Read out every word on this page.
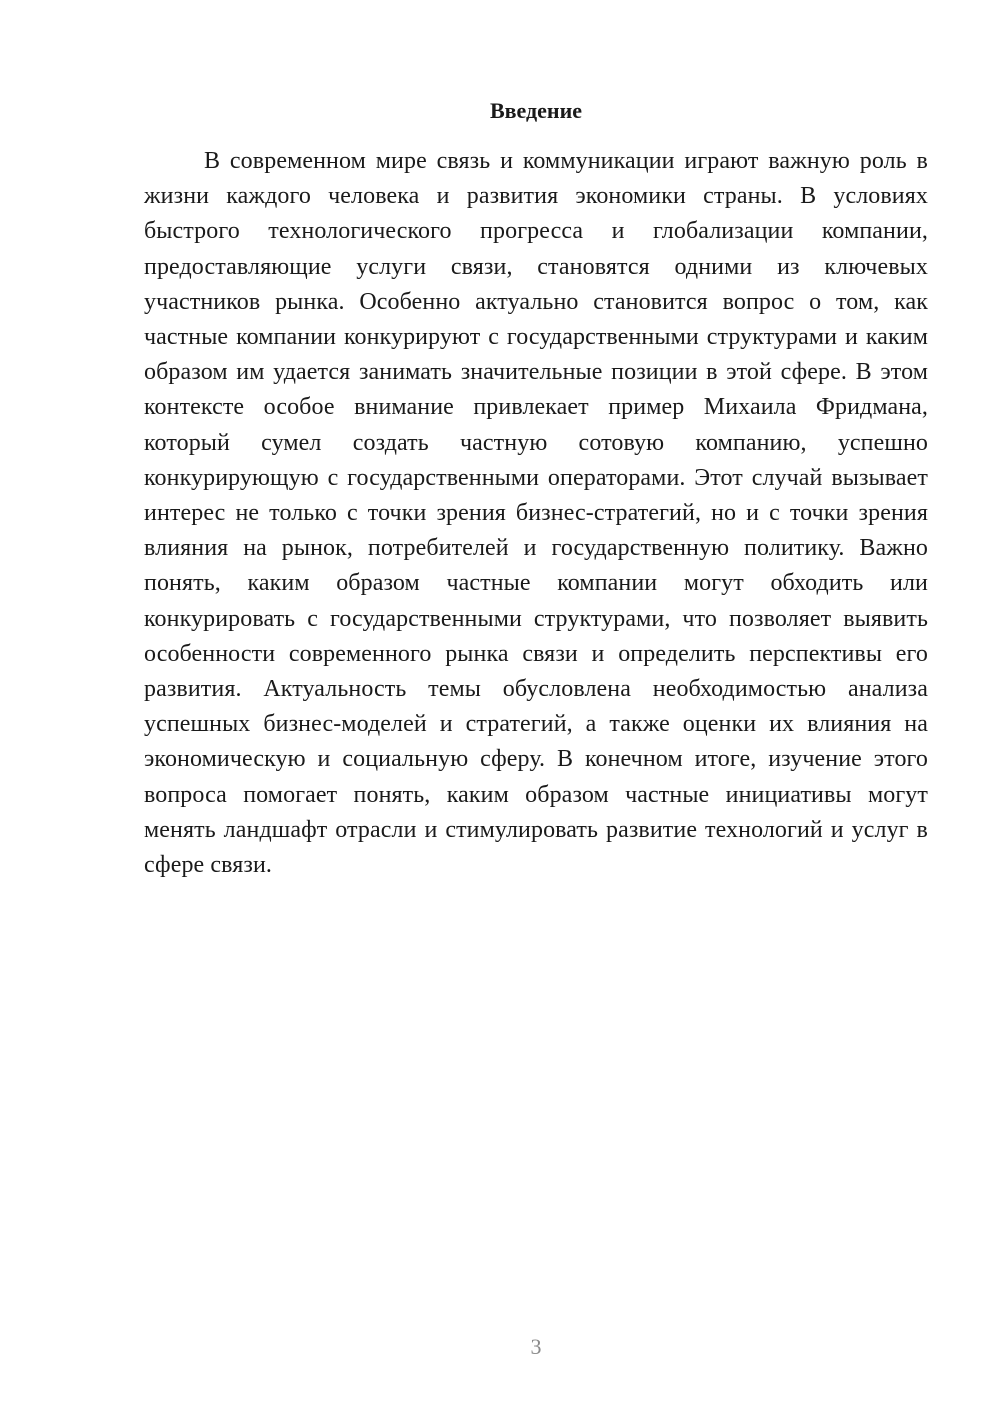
Введение

В современном мире связь и коммуникации играют важную роль в жизни каждого человека и развития экономики страны. В условиях быстрого технологического прогресса и глобализации компании, предоставляющие услуги связи, становятся одними из ключевых участников рынка. Особенно актуально становится вопрос о том, как частные компании конкурируют с государственными структурами и каким образом им удается занимать значительные позиции в этой сфере. В этом контексте особое внимание привлекает пример Михаила Фридмана, который сумел создать частную сотовую компанию, успешно конкурирующую с государственными операторами. Этот случай вызывает интерес не только с точки зрения бизнес-стратегий, но и с точки зрения влияния на рынок, потребителей и государственную политику. Важно понять, каким образом частные компании могут обходить или конкурировать с государственными структурами, что позволяет выявить особенности современного рынка связи и определить перспективы его развития. Актуальность темы обусловлена необходимостью анализа успешных бизнес-моделей и стратегий, а также оценки их влияния на экономическую и социальную сферу. В конечном итоге, изучение этого вопроса помогает понять, каким образом частные инициативы могут менять ландшафт отрасли и стимулировать развитие технологий и услуг в сфере связи.

3
